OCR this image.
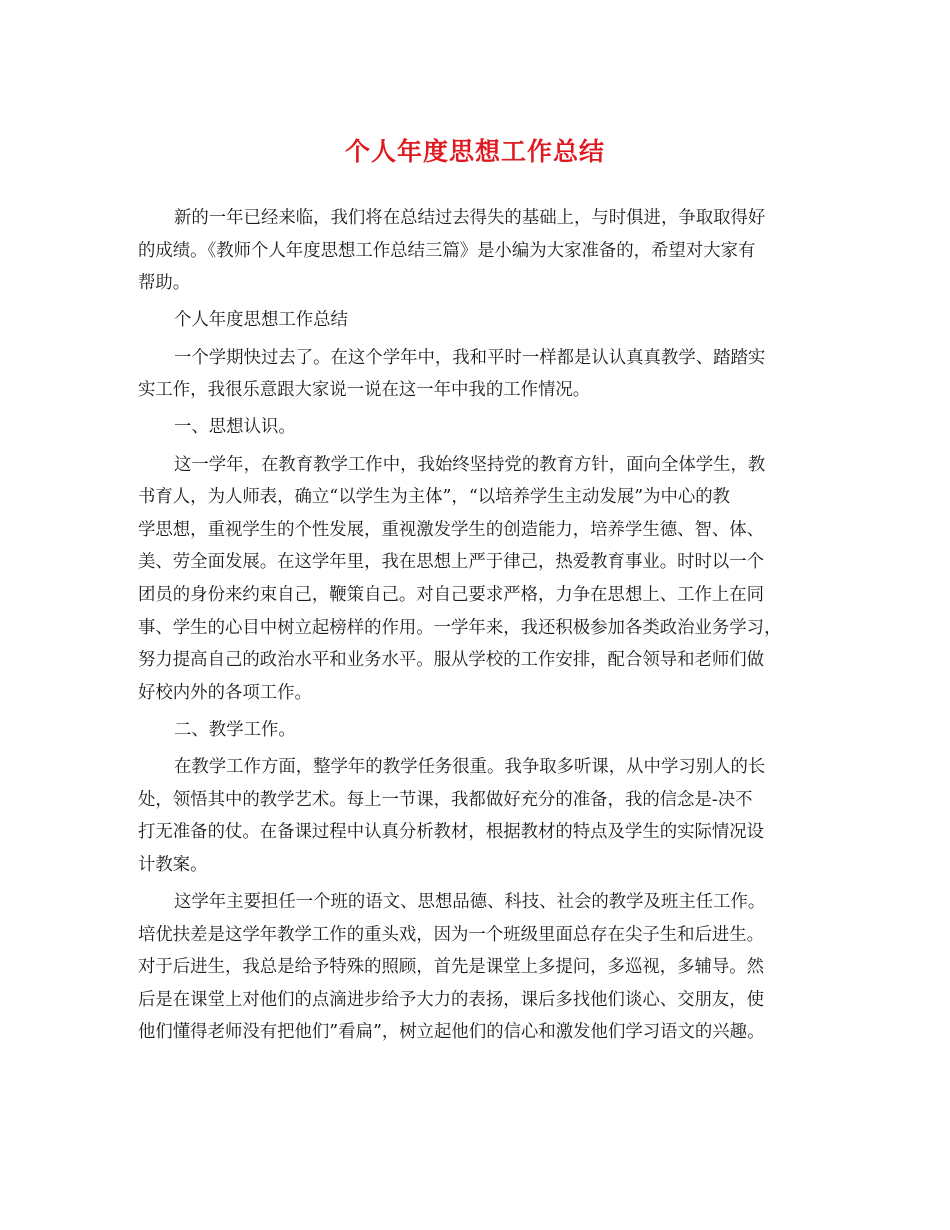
个人年度思想工作总结

新的一年已经来临，我们将在总结过去得失的基础上，与时俱进，争取取得好
的成绩。《教师个人年度思想工作总结三篇》是小编为大家准备的，希望对大家有
帮助。

个人年度思想工作总结

一个学期快过去了。在这个学年中，我和平时一样都是认认真真教学、踏踏实
实工作，我很乐意跟大家说一说在这一年中我的工作情况。

一、思想认识。

这一学年，在教育教学工作中，我始终坚持党的教育方针，面向全体学生，教
书育人，为人师表，确立“以学生为主体”，“以培养学生主动发展”为中心的教
学思想，重视学生的个性发展，重视激发学生的创造能力，培养学生德、智、体、
美、劳全面发展。在这学年里，我在思想上严于律己，热爱教育事业。时时以一个
团员的身份来约束自己，鞭策自己。对自己要求严格，力争在思想上、工作上在同
事、学生的心目中树立起榜样的作用。一学年来，我还积极参加各类政治业务学习，
努力提高自己的政治水平和业务水平。服从学校的工作安排，配合领导和老师们做
好校内外的各项工作。

二、教学工作。

在教学工作方面，整学年的教学任务很重。我争取多听课，从中学习别人的长
处，领悟其中的教学艺术。每上一节课，我都做好充分的准备，我的信念是-决不
打无准备的仗。在备课过程中认真分析教材，根据教材的特点及学生的实际情况设
计教案。

这学年主要担任一个班的语文、思想品德、科技、社会的教学及班主任工作。
培优扶差是这学年教学工作的重头戏，因为一个班级里面总存在尖子生和后进生。
对于后进生，我总是给予特殊的照顾，首先是课堂上多提问，多巡视，多辅导。然
后是在课堂上对他们的点滴进步给予大力的表扬，课后多找他们谈心、交朋友，使
他们懂得老师没有把他们”看扁”，树立起他们的信心和激发他们学习语文的兴趣。
